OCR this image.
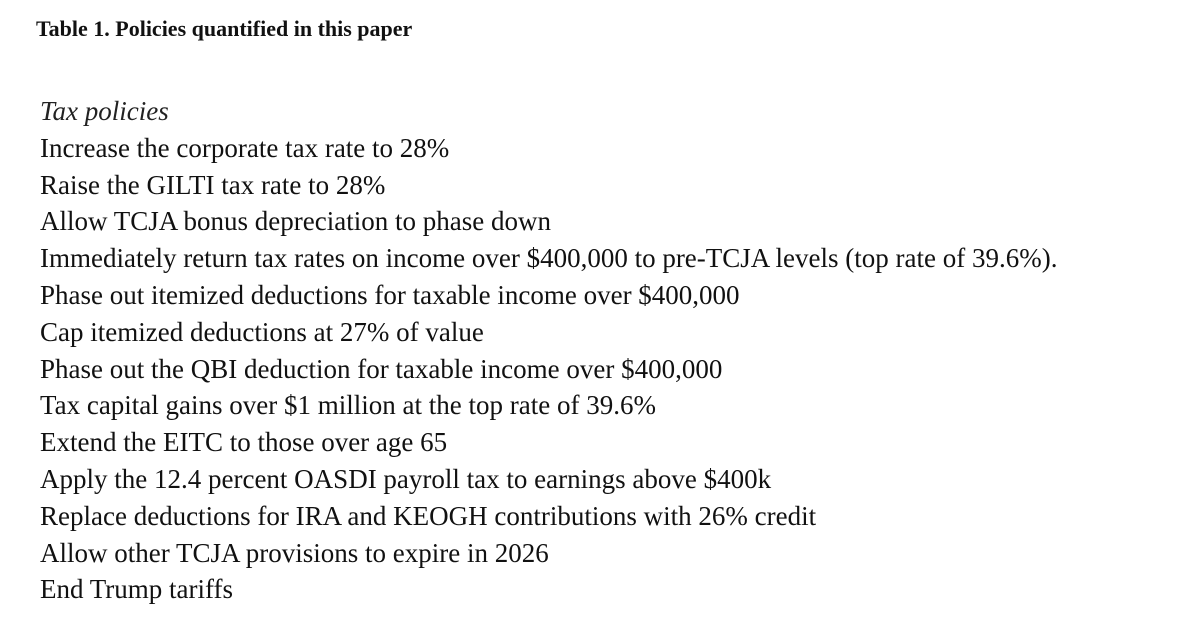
Table 1. Policies quantified in this paper
Tax policies
Increase the corporate tax rate to 28%
Raise the GILTI tax rate to 28%
Allow TCJA bonus depreciation to phase down
Immediately return tax rates on income over $400,000 to pre-TCJA levels (top rate of 39.6%).
Phase out itemized deductions for taxable income over $400,000
Cap itemized deductions at 27% of value
Phase out the QBI deduction for taxable income over $400,000
Tax capital gains over $1 million at the top rate of 39.6%
Extend the EITC to those over age 65
Apply the 12.4 percent OASDI payroll tax to earnings above $400k
Replace deductions for IRA and KEOGH contributions with 26% credit
Allow other TCJA provisions to expire in 2026
End Trump tariffs
